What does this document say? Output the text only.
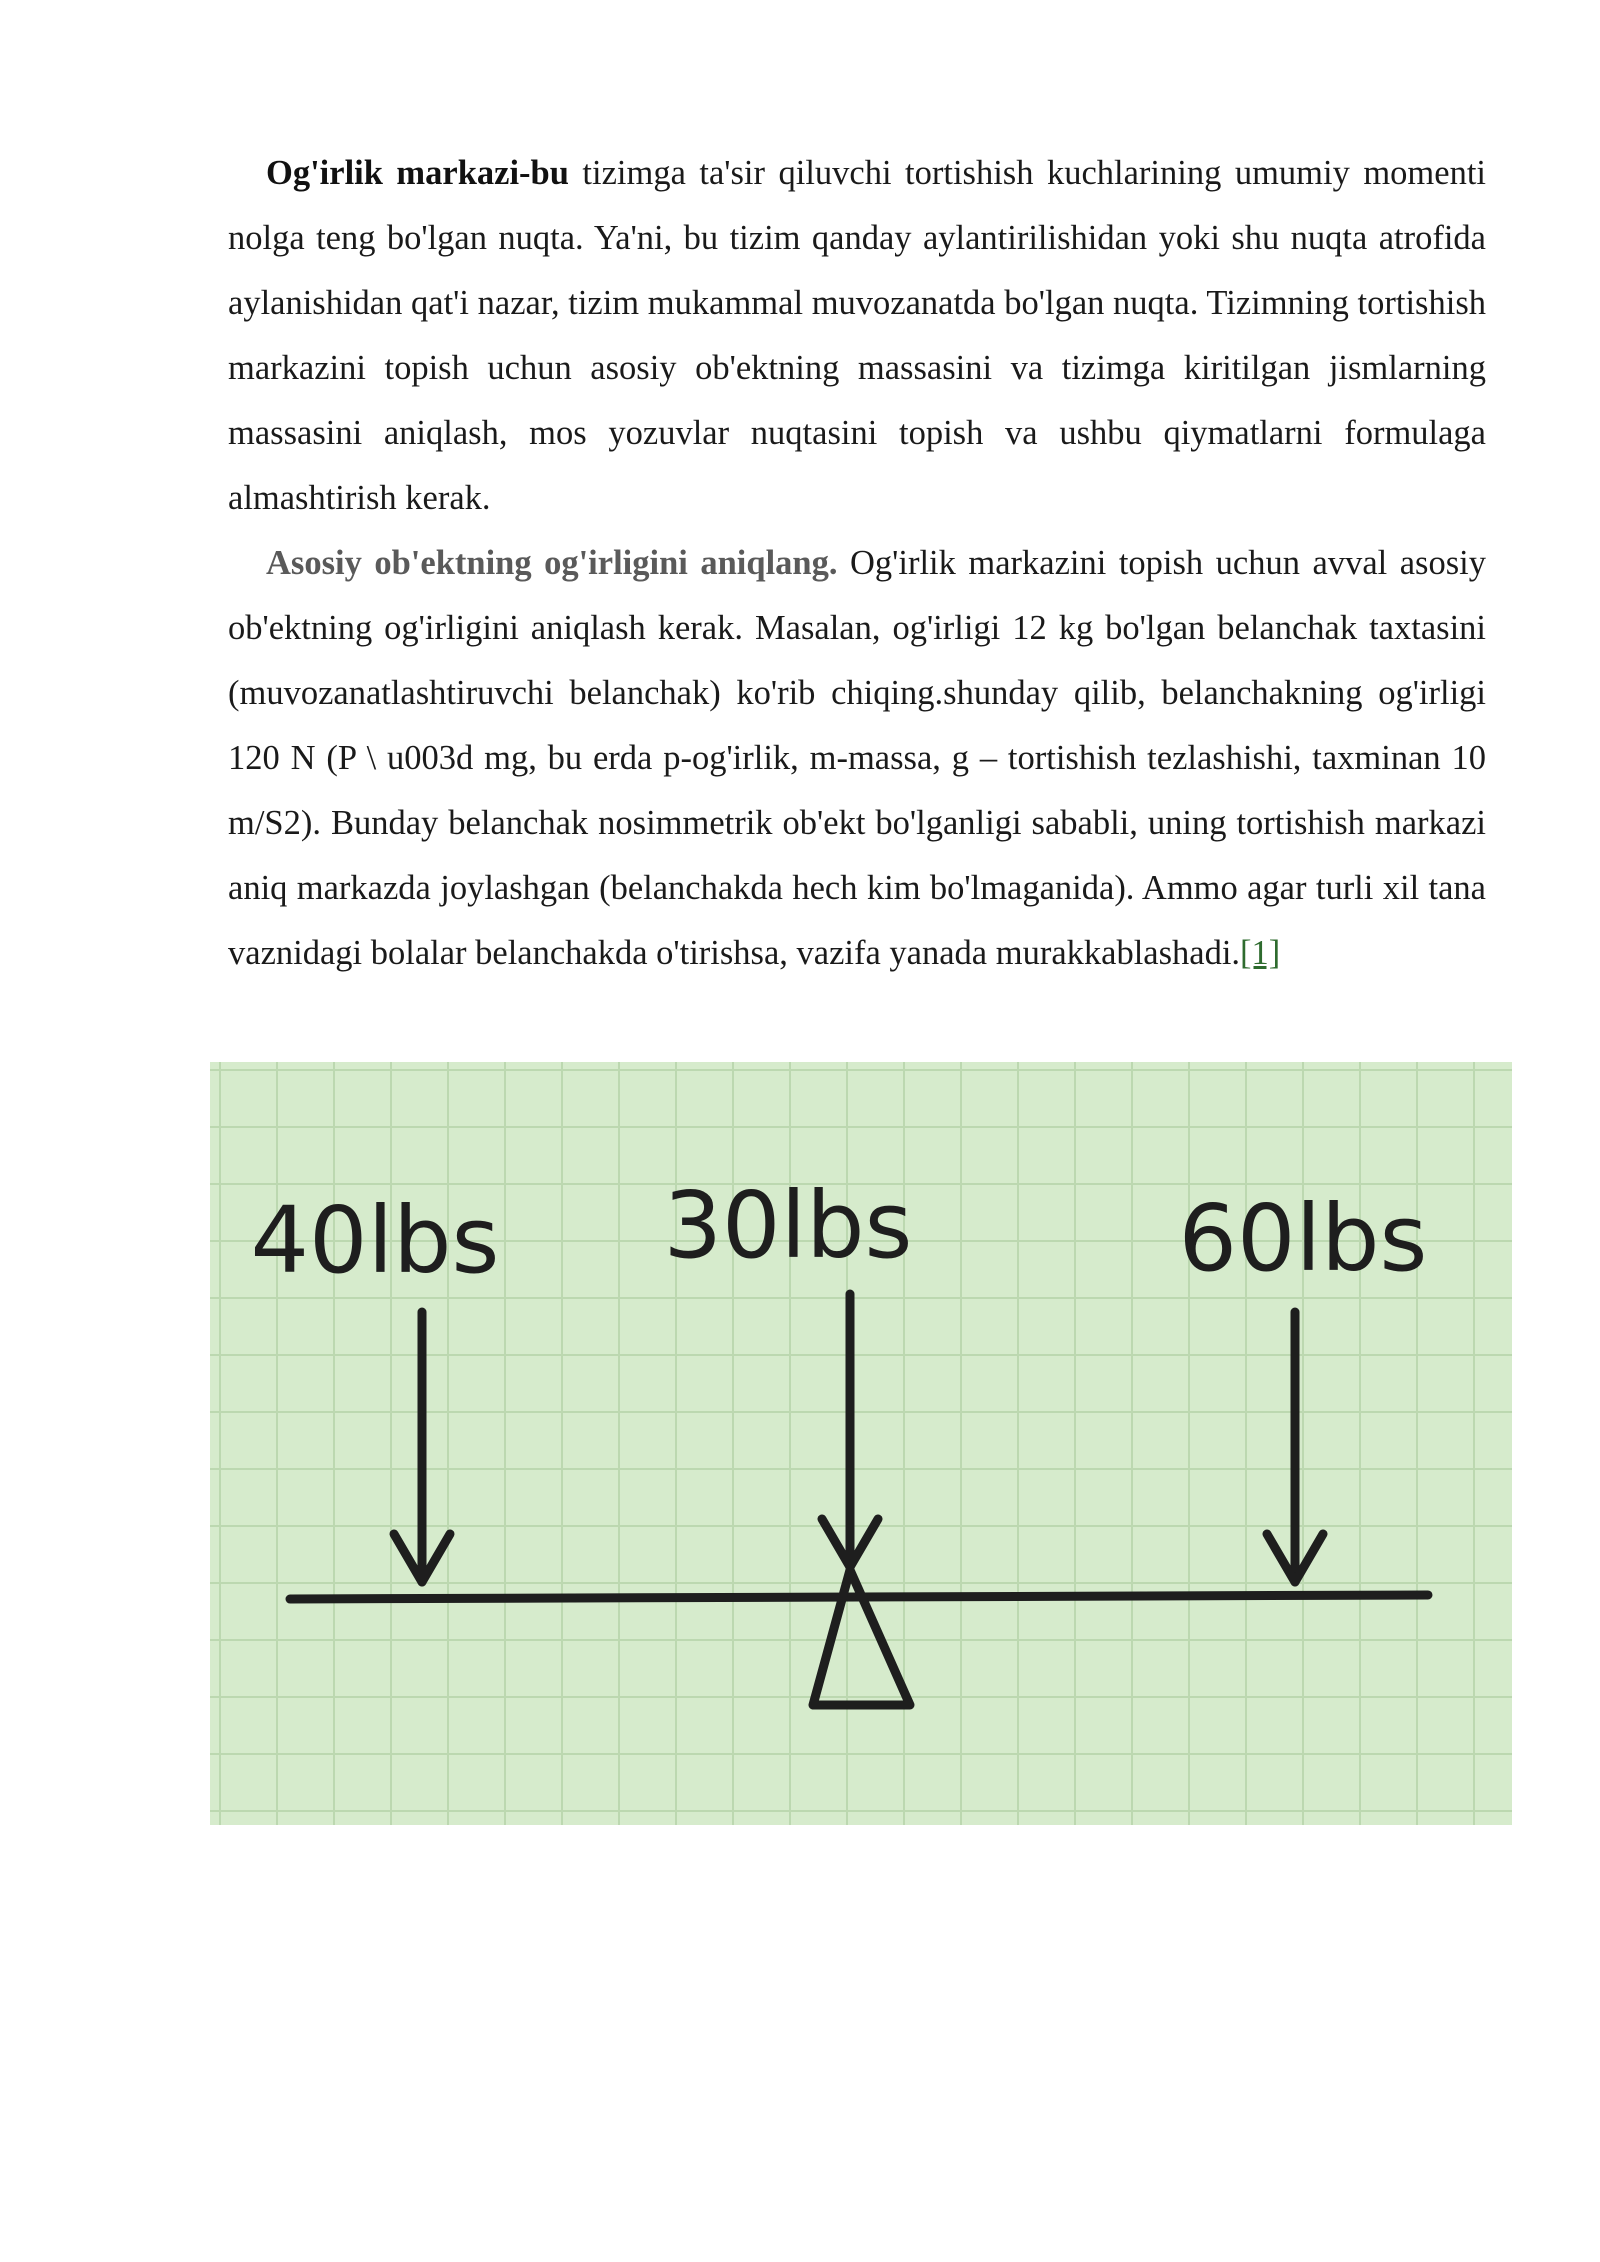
Og'irlik markazi-bu tizimga ta'sir qiluvchi tortishish kuchlarining umumiy momenti nolga teng bo'lgan nuqta. Ya'ni, bu tizim qanday aylantirilishidan yoki shu nuqta atrofida aylanishidan qat'i nazar, tizim mukammal muvozanatda bo'lgan nuqta. Tizimning tortishish markazini topish uchun asosiy ob'ektning massasini va tizimga kiritilgan jismlarning massasini aniqlash, mos yozuvlar nuqtasini topish va ushbu qiymatlarni formulaga almashtirish kerak.

Asosiy ob'ektning og'irligini aniqlang. Og'irlik markazini topish uchun avval asosiy ob'ektning og'irligini aniqlash kerak. Masalan, og'irligi 12 kg bo'lgan belanchak taxtasini (muvozanatlashtiruvchi belanchak) ko'rib chiqing.shunday qilib, belanchakning og'irligi 120 N (P \ u003d mg, bu erda p-og'irlik, m-massa, g – tortishish tezlashishi, taxminan 10 m/S2). Bunday belanchak nosimmetrik ob'ekt bo'lganligi sababli, uning tortishish markazi aniq markazda joylashgan (belanchakda hech kim bo'lmaganida). Ammo agar turli xil tana vaznidagi bolalar belanchakda o'tirishsa, vazifa yanada murakkablashadi.[1]

40lbs 30lbs	60lbs
